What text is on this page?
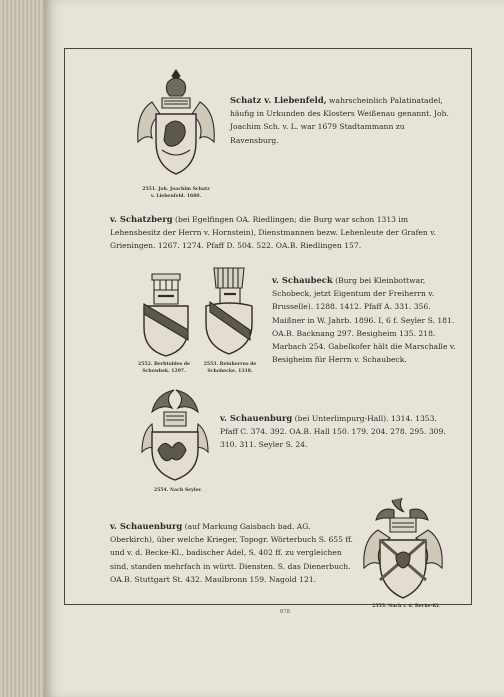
2551. Joh. Joachim Schatz
v. Liebenfeld. 1680.
Schatz v. Liebenfeld, wahrscheinlich Palatinatadel, häufig in Urkunden des Klosters Weißenau genannt. Joh. Joachim Sch. v. L. war 1679 Stadtammann zu Ravensburg.
v. Schatzberg (bei Egelfingen OA. Riedlingen; die Burg war schon 1313 im Lehensbesitz der Herrn v. Hornstein), Dienstmannen bezw. Lehenleute der Grafen v. Grieningen. 1267. 1274. Pfaff D. 504. 522. OA.B. Riedlingen 157.
2552. Berhtoldes de
Schowbek. 1297.
2553. Reinherrus de
Schobecke. 1318.
v. Schaubeck (Burg bei Kleinbottwar, Schobeck, jetzt Eigentum der Freiherrn v. Brusselle). 1288. 1412. Pfaff A. 331. 356. Maißner in W. Jahrb. 1896. I, 6 f. Seyler S. 181. OA.B. Backnang 297. Besigheim 135. 218. Marbach 254. Gabelkofer hält die Marschalle v. Besigheim für Herrn v. Schaubeck.
2554. Nach Seyler.
v. Schauenburg (bei Unterlimpurg-Hall). 1314. 1353. Pfaff C. 374. 392. OA.B. Hall 150. 179. 204. 278. 295. 309. 310. 311. Seyler S. 24.
v. Schauenburg (auf Markung Gaisbach bad. AG. Oberkirch), über welche Krieger, Topogr. Wörterbuch S. 655 ff. und v. d. Becke-Kl., badischer Adel, S. 402 ff. zu vergleichen sind, standen mehrfach in württ. Diensten. S. das Dienerbuch. OA.B. Stuttgart St. 432. Maulbronn 159. Nagold 121.
2555. Nach v. d. Becke-Kl.
678
